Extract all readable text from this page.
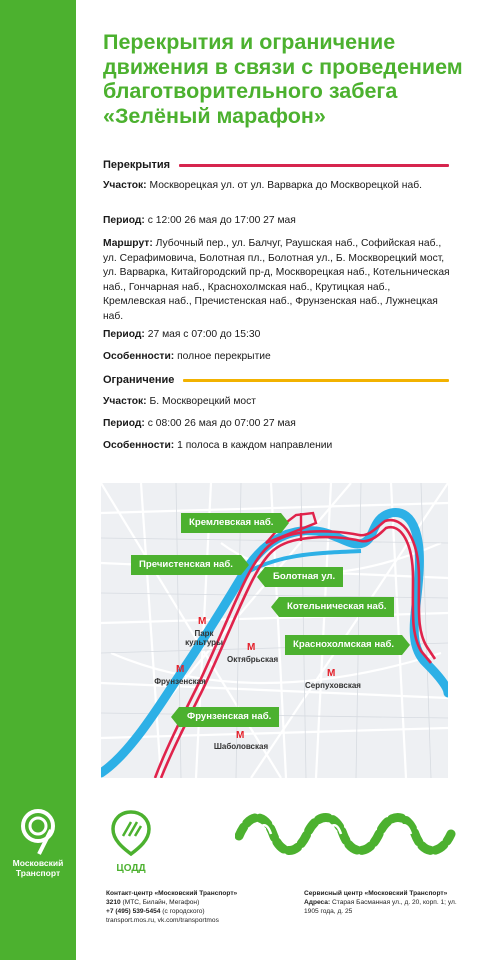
Московский
Транспорт
Перекрытия и ограничение движения в связи с проведением благотворительного забега «Зелёный марафон»
Перекрытия
Участок: Москворецкая ул. от ул. Варварка до Москворецкой наб.
Период: с 12:00 26 мая до 17:00 27 мая
Маршрут: Лубочный пер., ул. Балчуг, Раушская наб., Софийская наб., ул. Серафимовича, Болотная пл., Болотная ул., Б. Москворецкий мост, ул. Варварка, Китайгородский пр-д, Москворецкая наб., Котельническая наб., Гончарная наб., Краснохолмская наб., Крутицкая наб., Кремлевская наб., Пречистенская наб., Фрунзенская наб., Лужнецкая наб.
Период: 27 мая с 07:00 до 15:30
Особенности: полное перекрытие
Ограничение
Участок: Б. Москворецкий мост
Период: с 08:00 26 мая до 07:00 27 мая
Особенности: 1 полоса в каждом направлении
Кремлевская наб.
Пречистенская наб.
Болотная ул.
Котельническая наб.
Краснохолмская наб.
Фрунзенская наб.
M
Парк культуры M
Октябрьская
M
Серпуховская
M
Фрунзенская
M
Шаболовская
ЦОДД
Контакт-центр «Московский Транспорт»
3210 (МТС, Билайн, Мегафон)
+7 (495) 539-5454 (с городского)
transport.mos.ru, vk.com/transportmos
Сервисный центр «Московский Транспорт»
Адреса: Старая Басманная ул., д. 20, корп. 1; ул. 1905 года, д. 25
